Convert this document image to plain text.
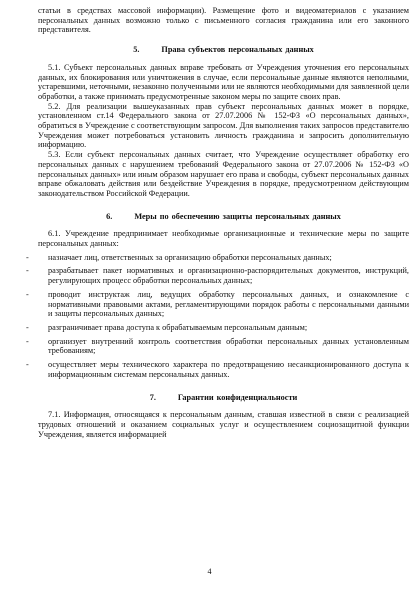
статьи в средствах массовой информации). Размещение фото и видеоматериалов с указанием персональных данных возможно только с письменного согласия гражданина или его законного представителя.

5.	Права субъектов персональных данных

5.1. Субъект персональных данных вправе требовать от Учреждения уточнения его персональных данных, их блокирования или уничтожения в случае, если персональные данные являются неполными, устаревшими, неточными, незаконно полученными или не являются необходимыми для заявленной цели обработки, а также принимать предусмотренные законом меры по защите своих прав.

5.2. Для реализации вышеуказанных прав субъект персональных данных может в порядке, установленном ст.14 Федерального закона от 27.07.2006 № 152-ФЗ «О персональных данных», обратиться в Учреждение с соответствующим запросом. Для выполнения таких запросов представителю Учреждения может потребоваться установить личность гражданина и запросить дополнительную информацию.

5.3. Если субъект персональных данных считает, что Учреждение осуществляет обработку его персональных данных с нарушением требований Федерального закона от 27.07.2006 № 152-ФЗ «О персональных данных» или иным образом нарушает его права и свободы, субъект персональных данных вправе обжаловать действия или бездействие Учреждения в порядке, предусмотренном действующим законодательством Российской Федерации.

6.	Меры по обеспечению защиты персональных данных

6.1. Учреждение предпринимает необходимые организационные и технические меры по защите персональных данных:

- назначает лиц, ответственных за организацию обработки персональных данных;
- разрабатывает пакет нормативных и организационно-распорядительных документов, инструкций, регулирующих процесс обработки персональных данных;
- проводит инструктаж лиц, ведущих обработку персональных данных, и ознакомление с нормативными правовыми актами, регламентирующими порядок работы с персональными данными и защиты персональных данных;
- разграничивает права доступа к обрабатываемым персональным данным;
- организует внутренний контроль соответствия обработки персональных данных установленным требованиям;
- осуществляет меры технического характера по предотвращению несанкционированного доступа к информационным системам персональных данных.
7.	Гарантии конфиденциальности

7.1. Информация, относящаяся к персональным данным, ставшая известной в связи с реализацией трудовых отношений и оказанием социальных услуг и осуществлением социозащитной функции Учреждения, является информацией

4
